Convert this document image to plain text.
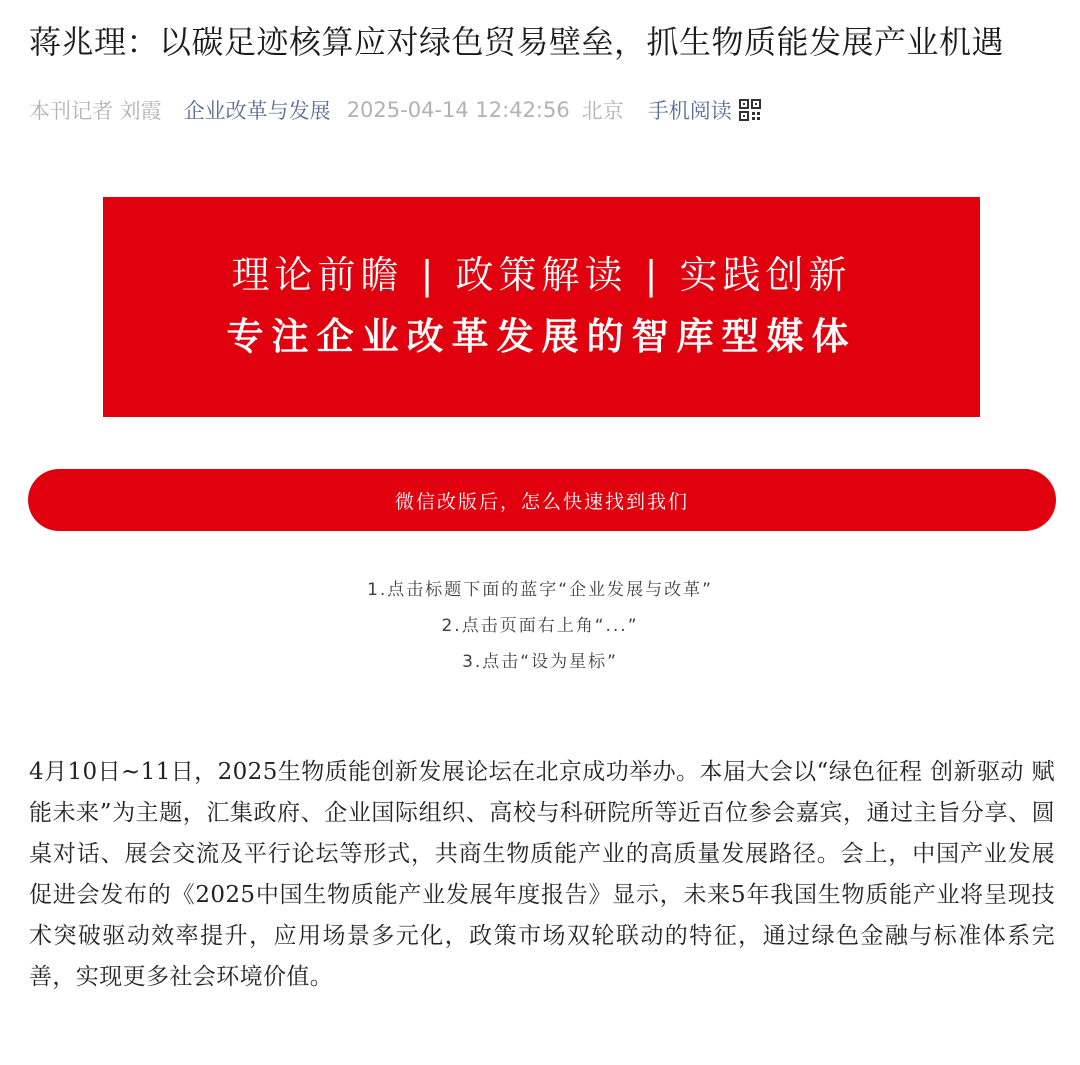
蒋兆理：以碳足迹核算应对绿色贸易壁垒，抓生物质能发展产业机遇
本刊记者 刘霞 企业改革与发展 2025-04-14 12:42:56 北京 手机阅读
理论前瞻 | 政策解读 | 实践创新
专注企业改革发展的智库型媒体
微信改版后，怎么快速找到我们
1.点击标题下面的蓝字“企业发展与改革”
2.点击页面右上角“...”
3.点击“设为星标”

4月10日~11日，2025生物质能创新发展论坛在北京成功举办。本届大会以“绿色征程 创新驱动 赋能未来”为主题，汇集政府、企业国际组织、高校与科研院所等近百位参会嘉宾，通过主旨分享、圆桌对话、展会交流及平行论坛等形式，共商生物质能产业的高质量发展路径。会上，中国产业发展促进会发布的《2025中国生物质能产业发展年度报告》显示，未来5年我国生物质能产业将呈现技术突破驱动效率提升，应用场景多元化，政策市场双轮联动的特征，通过绿色金融与标准体系完善，实现更多社会环境价值。
